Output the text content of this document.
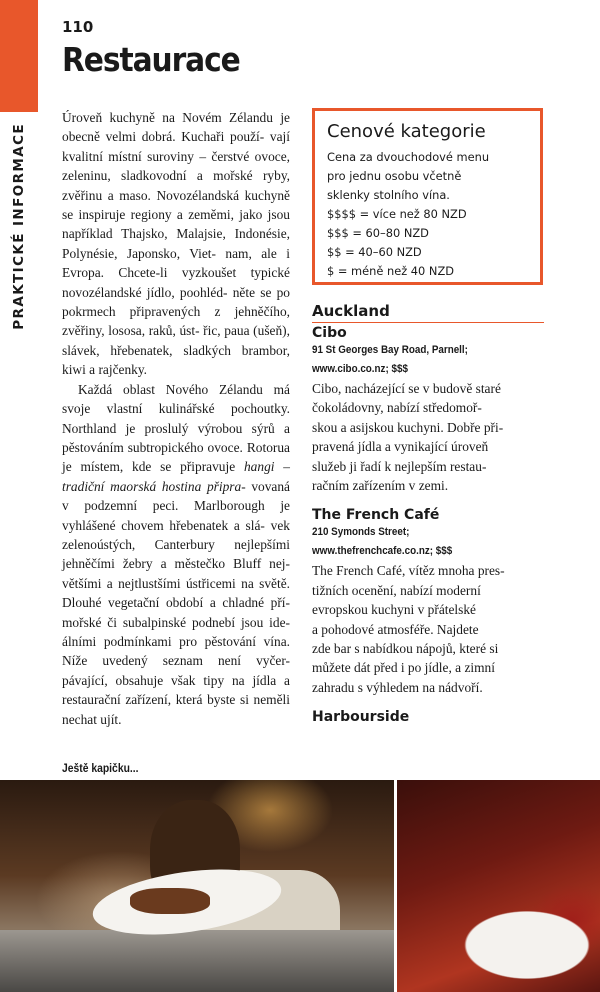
PRAKTICKÉ INFORMACE
110
Restaurace

Úroveň kuchyně na Novém Zélandu je obecně velmi dobrá. Kuchaři použí- vají kvalitní místní suroviny – čerstvé ovoce, zeleninu, sladkovodní a mořské ryby, zvěřinu a maso. Novozélandská kuchyně se inspiruje regiony a zeměmi, jako jsou například Thajsko, Malajsie, Indonésie, Polynésie, Japonsko, Viet- nam, ale i Evropa. Chcete-li vyzkoušet typické novozélandské jídlo, poohléd- něte se po pokrmech připravených z jehněčího, zvěřiny, lososa, raků, úst- řic, paua (ušeň), slávek, hřebenatek, sladkých brambor, kiwi a rajčenky.

Každá oblast Nového Zélandu má svoje vlastní kulinářské pochoutky. Northland je proslulý výrobou sýrů a pěstováním subtropického ovoce. Rotorua je místem, kde se připravuje hangi – tradiční maorská hostina připra- vovaná v podzemní peci. Marlborough je vyhlášené chovem hřebenatek a slá- vek zelenoústých, Canterbury nejlepšími jehněčími žebry a městečko Bluff nej- většími a nejtlustšími ústřicemi na světě. Dlouhé vegetační období a chladné pří- mořské či subalpinské podnebí jsou ide- álními podmínkami pro pěstování vína. Níže uvedený seznam není vyčer- pávající, obsahuje však tipy na jídla a restaurační zařízení, která byste si neměli nechat ujít.

Cenové kategorie
Cena za dvouchodové menu
pro jednu osobu včetně
sklenky stolního vína.
$$$$ = více než 80 NZD
$$$ = 60–80 NZD
$$ = 40–60 NZD
$ = méně než 40 NZD
Auckland
Cibo
91 St Georges Bay Road, Parnell;
www.cibo.co.nz; $$$
Cibo, nacházející se v budově staré
čokoládovny, nabízí středomoř-
skou a asijskou kuchyni. Dobře při-
pravená jídla a vynikající úroveň
služeb ji řadí k nejlepším restau-
račním zařízením v zemi.
The French Café
210 Symonds Street;
www.thefrenchcafe.co.nz; $$$
The French Café, vítěz mnoha pres-
tižních ocenění, nabízí moderní
evropskou kuchyni v přátelské
a pohodové atmosféře. Najdete
zde bar s nabídkou nápojů, které si
můžete dát před i po jídle, a zimní
zahradu s výhledem na nádvoří.
Harbourside
Ještě kapičku...
